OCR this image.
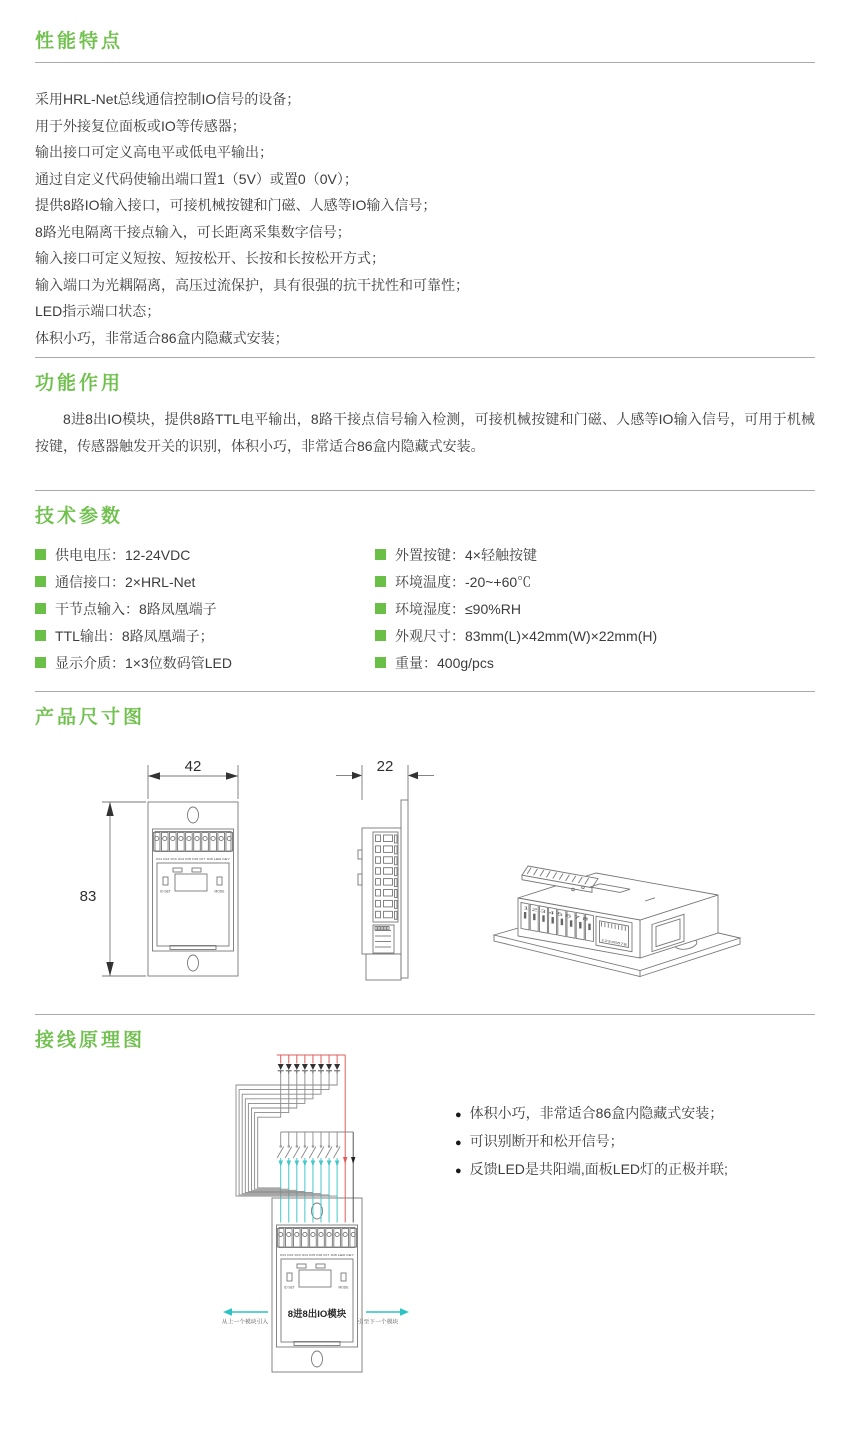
性能特点
采用HRL-Net总线通信控制IO信号的设备；
用于外接复位面板或IO等传感器；
输出接口可定义高电平或低电平输出；
通过自定义代码使输出端口置1（5V）或置0（0V）；
提供8路IO输入接口，可接机械按键和门磁、人感等IO输入信号；
8路光电隔离干接点输入，可长距离采集数字信号；
输入接口可定义短按、短按松开、长按和长按松开方式；
输入端口为光耦隔离，高压过流保护，具有很强的抗干扰性和可靠性；
LED指示端口状态；
体积小巧，非常适合86盒内隐藏式安装；
功能作用

8进8出IO模块，提供8路TTL电平输出，8路干接点信号输入检测，可接机械按键和门磁、人感等IO输入信号，可用于机械按键，传感器触发开关的识别，体积小巧，非常适合86盒内隐藏式安装。

技术参数
供电电压：12-24VDC
通信接口：2×HRL-Net
干节点输入：8路凤凰端子
TTL输出：8路凤凰端子；
显示介质：1×3位数码管LED
外置按键：4×轻触按键
环境温度：-20~+60℃
环境湿度：≤90%RH
外观尺寸：83mm(L)×42mm(W)×22mm(H)
重量：400g/pcs
产品尺寸图
42
83
22
1 2 3 4 5 6 7 8
12345678
接线原理图
8进8出IO模块
从上一个模块引入	引至下一个模块
● 体积小巧，非常适合86盒内隐藏式安装；
● 可识别断开和松开信号；
● 反馈LED是共阳端,面板LED灯的正极并联;
